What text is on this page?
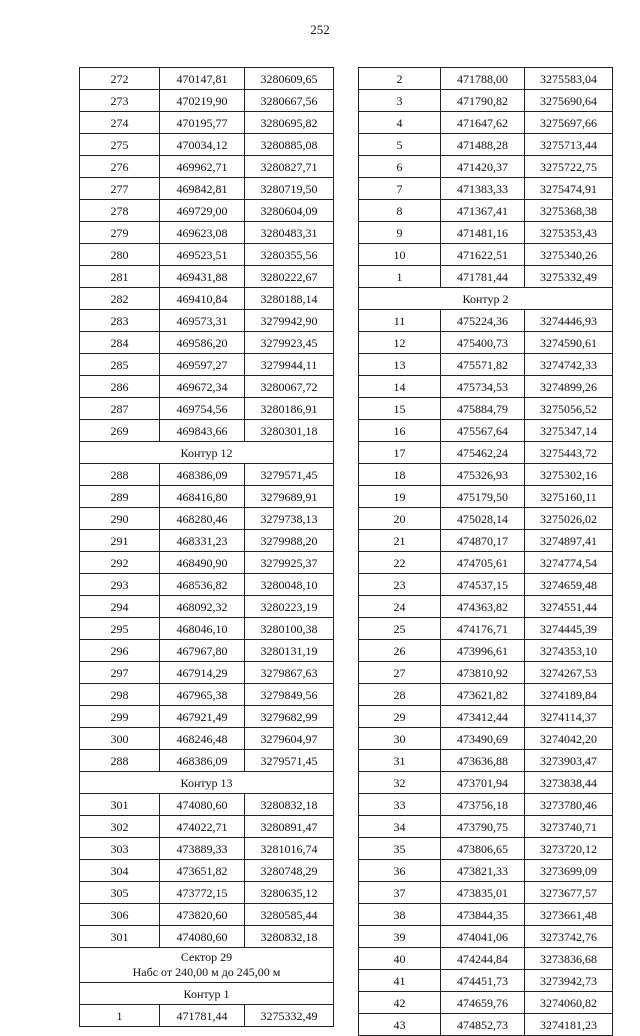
252
272	470147,81	3280609,65
273	470219,90	3280667,56
274	470195,77	3280695,82
275	470034,12	3280885,08
276	469962,71	3280827,71
277	469842,81	3280719,50
278	469729,00	3280604,09
279	469623,08	3280483,31
280	469523,51	3280355,56
281	469431,88	3280222,67
282	469410,84	3280188,14
283	469573,31	3279942,90
284	469586,20	3279923,45
285	469597,27	3279944,11
286	469672,34	3280067,72
287	469754,56	3280186,91
269	469843,66	3280301,18
Контур 12		
288	468386,09	3279571,45
289	468416,80	3279689,91
290	468280,46	3279738,13
291	468331,23	3279988,20
292	468490,90	3279925,37
293	468536,82	3280048,10
294	468092,32	3280223,19
295	468046,10	3280100,38
296	467967,80	3280131,19
297	467914,29	3279867,63
298	467965,38	3279849,56
299	467921,49	3279682,99
300	468246,48	3279604,97
288	468386,09	3279571,45
Контур 13		
301	474080,60	3280832,18
302	474022,71	3280891,47
303	473889,33	3281016,74
304	473651,82	3280748,29
305	473772,15	3280635,12
306	473820,60	3280585,44
301	474080,60	3280832,18

Сектор 29
Набс от 240,00 м до 245,00 м		

Контур 1		
1	471781,44	3275332,49
2	471788,00	3275583,04
3	471790,82	3275690,64
4	471647,62	3275697,66
5	471488,28	3275713,44
6	471420,37	3275722,75
7	471383,33	3275474,91
8	471367,41	3275368,38
9	471481,16	3275353,43
10	471622,51	3275340,26
1	471781,44	3275332,49
Контур 2		
11	475224,36	3274446,93
12	475400,73	3274590,61
13	475571,82	3274742,33
14	475734,53	3274899,26
15	475884,79	3275056,52
16	475567,64	3275347,14
17	475462,24	3275443,72
18	475326,93	3275302,16
19	475179,50	3275160,11
20	475028,14	3275026,02
21	474870,17	3274897,41
22	474705,61	3274774,54
23	474537,15	3274659,48
24	474363,82	3274551,44
25	474176,71	3274445,39
26	473996,61	3274353,10
27	473810,92	3274267,53
28	473621,82	3274189,84
29	473412,44	3274114,37
30	473490,69	3274042,20
31	473636,88	3273903,47
32	473701,94	3273838,44
33	473756,18	3273780,46
34	473790,75	3273740,71
35	473806,65	3273720,12
36	473821,33	3273699,09
37	473835,01	3273677,57
38	473844,35	3273661,48
39	474041,06	3273742,76
40	474244,84	3273836,68
41	474451,73	3273942,73
42	474659,76	3274060,82
43	474852,73	3274181,23
